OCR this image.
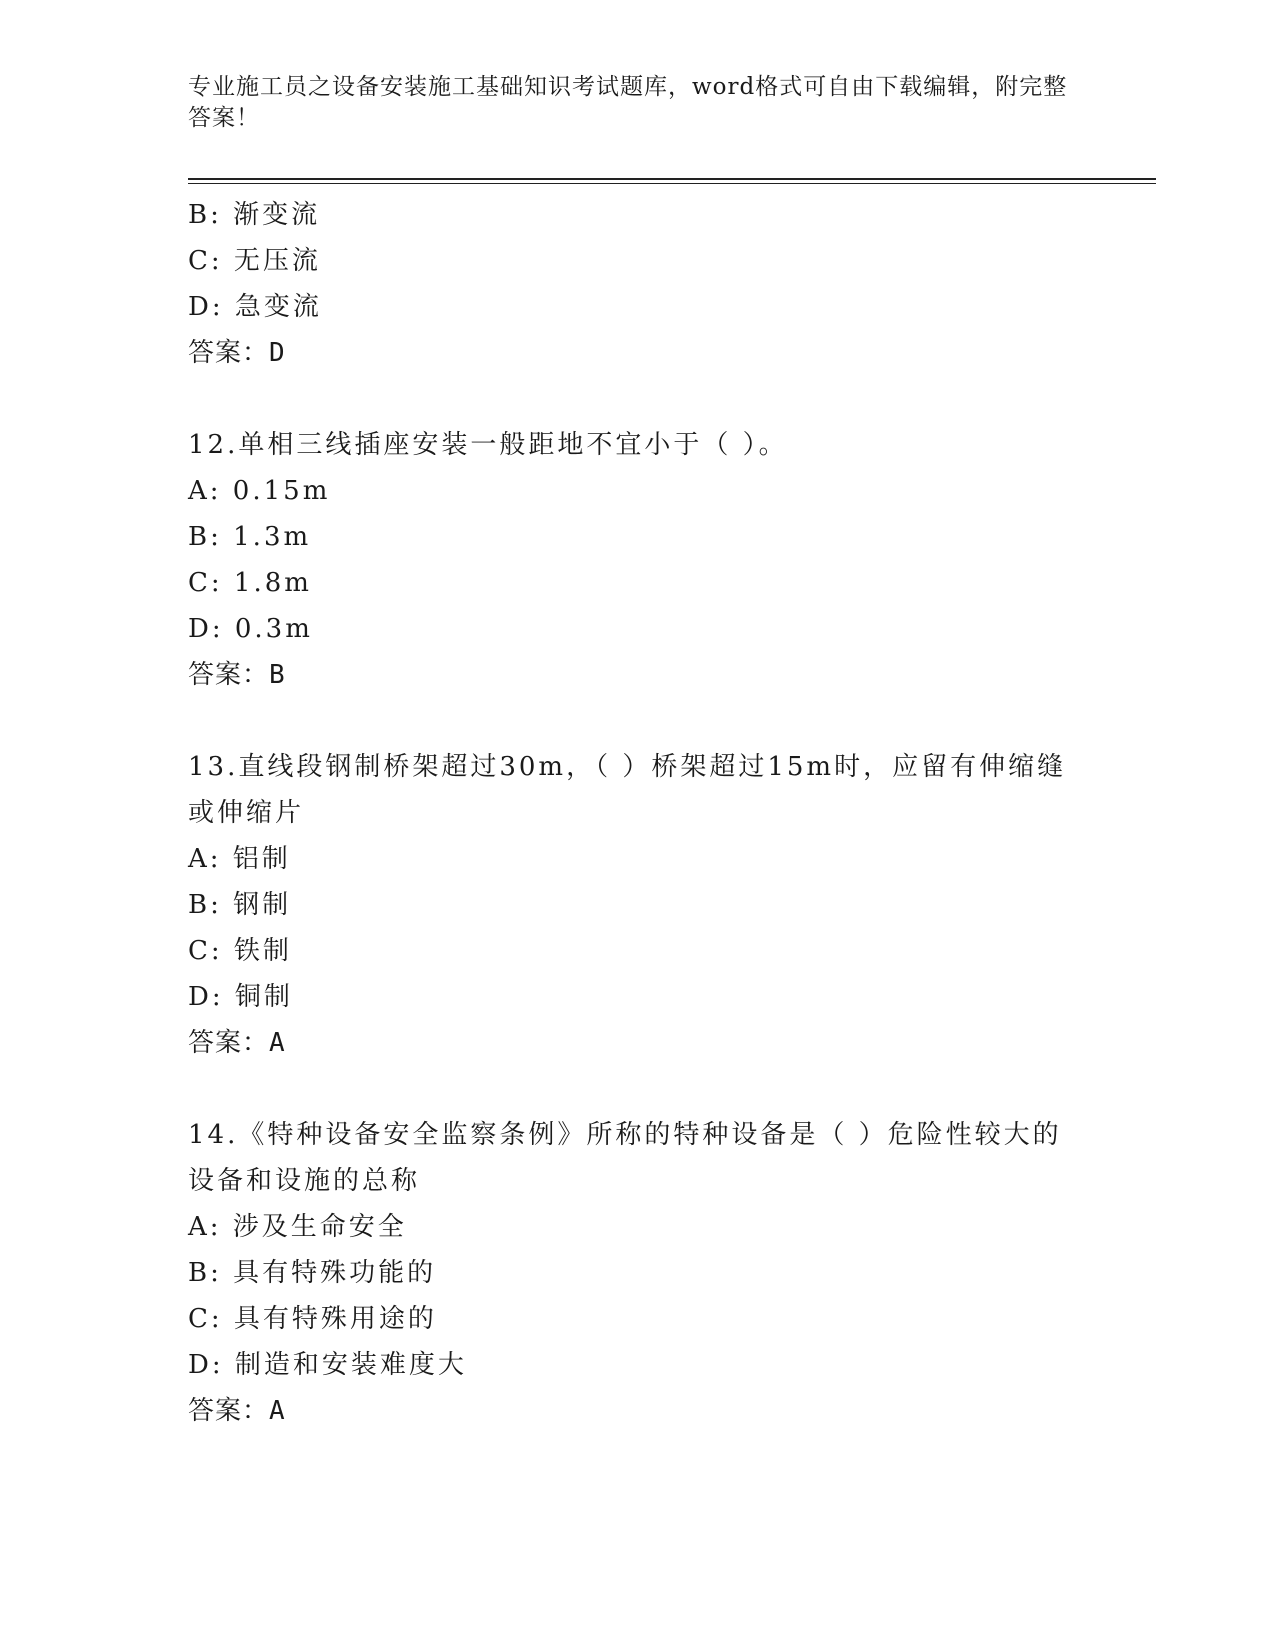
专业施工员之设备安装施工基础知识考试题库，word格式可自由下载编辑，附完整答案！
B: 渐变流
C: 无压流
D: 急变流
答案：D
12.单相三线插座安装一般距地不宜小于（ ）。
A: 0.15m
B: 1.3m
C: 1.8m
D: 0.3m
答案：B
13.直线段钢制桥架超过30m，（ ）桥架超过15m时，应留有伸缩缝或伸缩片
A: 铝制
B: 钢制
C: 铁制
D: 铜制
答案：A
14.《特种设备安全监察条例》所称的特种设备是（ ）危险性较大的设备和设施的总称
A: 涉及生命安全
B: 具有特殊功能的
C: 具有特殊用途的
D: 制造和安装难度大
答案：A
